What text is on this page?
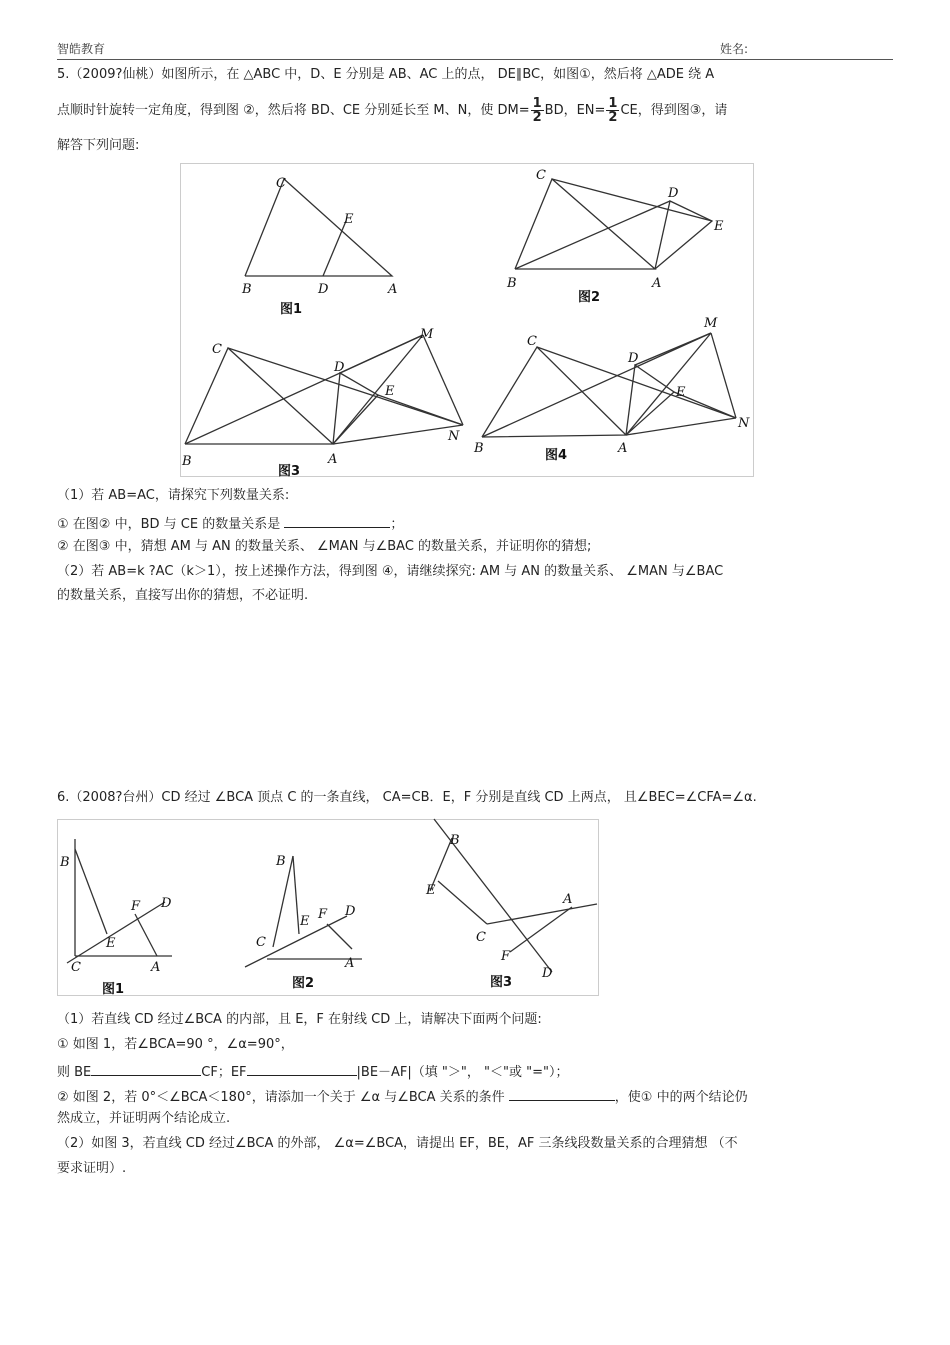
智皓教育	姓名:
5.（2009?仙桃）如图所示，在 △ABC 中，D、E 分别是 AB、AC 上的点， DE∥BC，如图①，然后将 △ADE 绕 A
点顺时针旋转一定角度，得到图 ②，然后将 BD、CE 分别延长至 M、N，使 $DM= \frac{1}{2}$ BD，$EN= \frac{1}{2}$ CE，得到图③，请
解答下列问题:
C
E
B	D	A
图1
C
D
E
B	A
图2
C
M
D
E
N
B	A
图3
C
M
D
E
N
B	A
图4
（1）若 AB=AC，请探究下列数量关系:
① 在图② 中，BD 与 CE 的数量关系是	；
② 在图③ 中，猜想 AM 与 AN 的数量关系、 ∠MAN 与∠BAC 的数量关系，并证明你的猜想;
（2）若 AB=k ?AC（k＞1），按上述操作方法，得到图 ④，请继续探究: AM 与 AN 的数量关系、 ∠MAN 与∠BAC
的数量关系，直接写出你的猜想，不必证明.
6.（2008?台州）CD 经过 ∠BCA 顶点 C 的一条直线， CA=CB．E，F 分别是直线 CD 上两点， 且∠BEC=∠CFA=∠α.
B
F D
E
C	A
图1
B
F D
E
C
A
图2
B
E
A
C
F
D
图3
（1）若直线 CD 经过∠BCA 的内部，且 E，F 在射线 CD 上，请解决下面两个问题:
① 如图 1，若∠BCA=90 °，∠α=90°，
则 BE	CF；EF	|BE－AF|（填 "＞"， "＜"或 "="）；
② 如图 2，若 0°＜∠BCA＜180°，请添加一个关于 ∠α 与∠BCA 关系的条件	，使① 中的两个结论仍
然成立，并证明两个结论成立.
（2）如图 3，若直线 CD 经过∠BCA 的外部， ∠α=∠BCA，请提出 EF，BE，AF 三条线段数量关系的合理猜想 （不
要求证明）.
